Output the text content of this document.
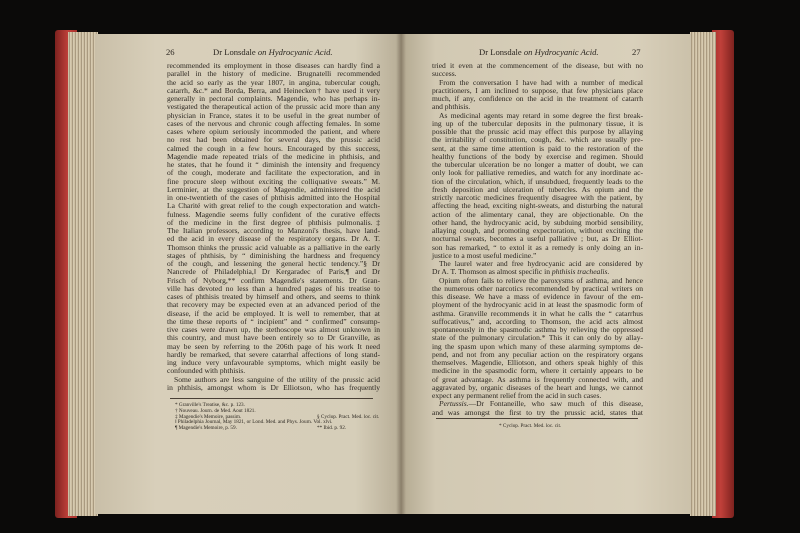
26	Dr Lonsdale on Hydrocyanic Acid.
recommended its employment in those diseases can hardly find a
parallel in the history of medicine. Brugnatelli recommended
the acid so early as the year 1807, in angina, tubercular cough,
catarrh, &c.* and Borda, Berra, and Heinecken† have used it very
generally in pectoral complaints. Magendie, who has perhaps in-
vestigated the therapeutical action of the prussic acid more than any
physician in France, states it to be useful in the great number of
cases of the nervous and chronic cough affecting females. In some
cases where opium seriously incommoded the patient, and where
no rest had been obtained for several days, the prussic acid
calmed the cough in a few hours. Encouraged by this success,
Magendie made repeated trials of the medicine in phthisis, and
he states, that he found it “ diminish the intensity and frequency
of the cough, moderate and facilitate the expectoration, and in
fine procure sleep without exciting the colliquative sweats.” M.
Lerminier, at the suggestion of Magendie, administered the acid
in one-twentieth of the cases of phthisis admitted into the Hospital
La Charité with great relief to the cough expectoration and watch-
fulness. Magendie seems fully confident of the curative effects
of the medicine in the first degree of phthisis pulmonalis.‡
The Italian professors, according to Manzoni's thesis, have land-
ed the acid in every disease of the respiratory organs. Dr A. T.
Thomson thinks the prussic acid valuable as a palliative in the early
stages of phthisis, by “ diminishing the hardness and frequency
of the cough, and lessening the general hectic tendency.”§ Dr
Nancrede of Philadelphia,‖ Dr Kergaradec of Paris,¶ and Dr
Frisch of Nyborg,** confirm Magendie's statements. Dr Gran-
ville has devoted no less than a hundred pages of his treatise to
cases of phthisis treated by himself and others, and seems to think
that recovery may be expected even at an advanced period of the
disease, if the acid be employed. It is well to remember, that at
the time these reports of “ incipient” and “ confirmed” consump-
tive cases were drawn up, the stethoscope was almost unknown in
this country, and must have been entirely so to Dr Granville, as
may be seen by referring to the 206th page of his work It need
hardly be remarked, that severe catarrhal affections of long stand-
ing induce very unfavourable symptoms, which might easily be
confounded with phthisis.
Some authors are less sanguine of the utility of the prussic acid
in phthisis, amongst whom is Dr Elliotson, who has frequently
* Granville's Treatise, &c. p. 123.
† Nouveau. Journ. de Med. Aout 1821.
‡ Magendie's Memoire, passim.	§ Cyclop. Pract. Med. loc. cit.
‖ Philadelphia Journal, May 1821, or Lond. Med. and Phys. Journ. Vol. xlvi.
¶ Magendie's Memoire, p. 59.	** Ibid. p. 92.
Dr Lonsdale on Hydrocyanic Acid.	27
tried it even at the commencement of the disease, but with no
success.
From the conversation I have had with a number of medical
practitioners, I am inclined to suppose, that few physicians place
much, if any, confidence on the acid in the treatment of catarrh
and phthisis.
As medicinal agents may retard in some degree the first break-
ing up of the tubercular deposits in the pulmonary tissue, it is
possible that the prussic acid may effect this purpose by allaying
the irritability of constitution, cough, &c. which are usually pre-
sent, at the same time attention is paid to the restoration of the
healthy functions of the body by exercise and regimen. Should
the tubercular ulceration be no longer a matter of doubt, we can
only look for palliative remedies, and watch for any inordinate ac-
tion of the circulation, which, if unsubdued, frequently leads to the
fresh deposition and ulceration of tubercles. As opium and the
strictly narcotic medicines frequently disagree with the patient, by
affecting the head, exciting night-sweats, and disturbing the natural
action of the alimentary canal, they are objectionable. On the
other hand, the hydrocyanic acid, by subduing morbid sensibility,
allaying cough, and promoting expectoration, without exciting the
nocturnal sweats, becomes a useful palliative ; but, as Dr Elliot-
son has remarked, “ to extol it as a remedy is only doing an in-
justice to a most useful medicine.”
The laurel water and free hydrocyanic acid are considered by
Dr A. T. Thomson as almost specific in phthisis trachealis.
Opium often fails to relieve the paroxysms of asthma, and hence
the numerous other narcotics recommended by practical writers on
this disease. We have a mass of evidence in favour of the em-
ployment of the hydrocyanic acid in at least the spasmodic form of
asthma. Granville recommends it in what he calls the “ catarrhus
suffocativus,” and, according to Thomson, the acid acts almost
spontaneously in the spasmodic asthma by relieving the oppressed
state of the pulmonary circulation.* This it can only do by allay-
ing the spasm upon which many of these alarming symptoms de-
pend, and not from any peculiar action on the respiratory organs
themselves. Magendie, Elliotson, and others speak highly of this
medicine in the spasmodic form, where it certainly appears to be
of great advantage. As asthma is frequently connected with, and
aggravated by, organic diseases of the heart and lungs, we cannot
expect any permanent relief from the acid in such cases.
Pertussis.—Dr Fontaneille, who saw much of this disease,
and was amongst the first to try the prussic acid, states that
* Cyclop. Pract. Med. loc. cit.
